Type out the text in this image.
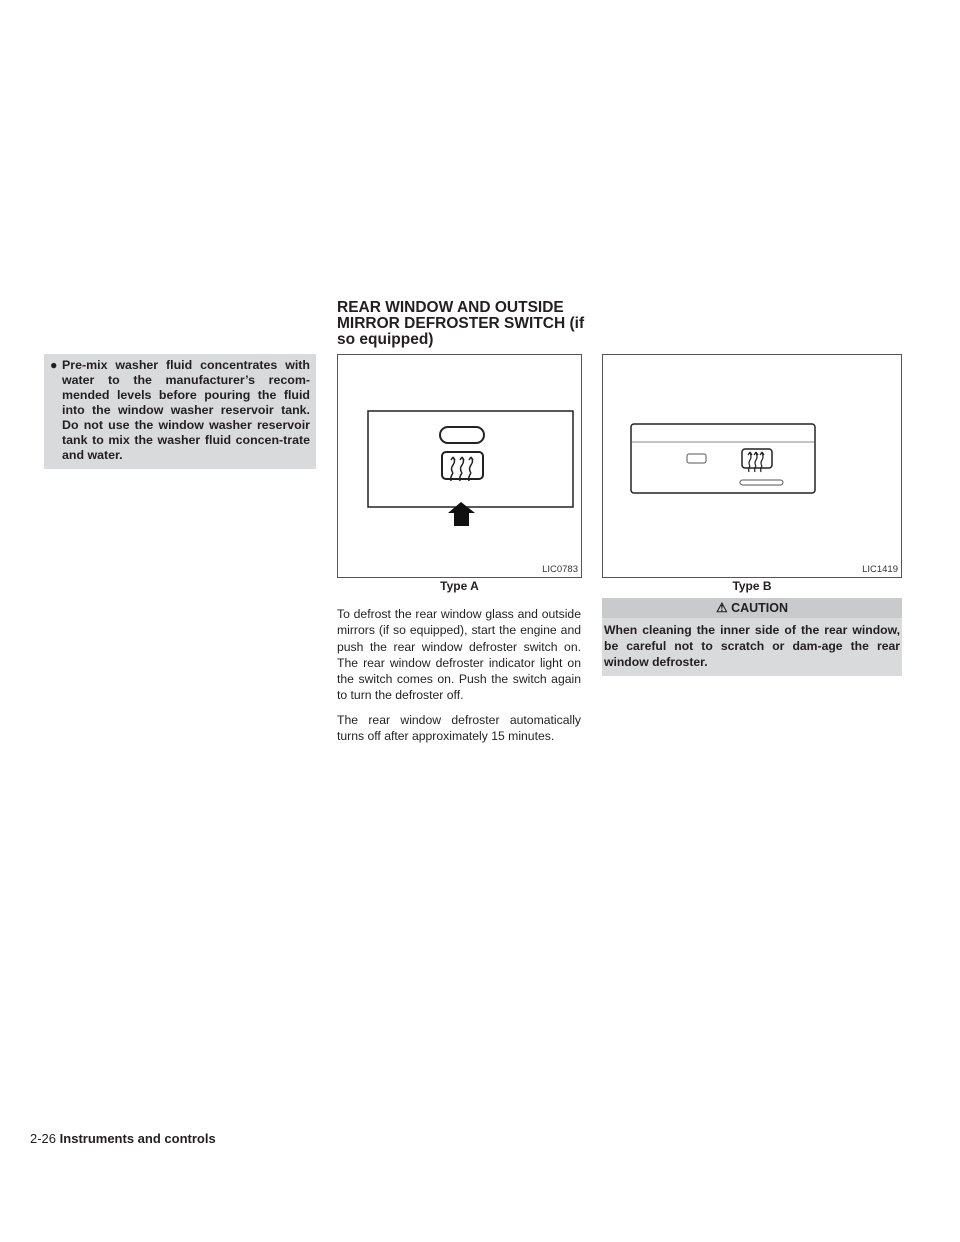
● Pre-mix washer fluid concentrates with water to the manufacturer’s recom-mended levels before pouring the fluid into the window washer reservoir tank. Do not use the window washer reservoir tank to mix the washer fluid concen-trate and water.
REAR WINDOW AND OUTSIDE MIRROR DEFROSTER SWITCH (if so equipped)
LIC0783
Type A
LIC1419
Type B

To defrost the rear window glass and outside mirrors (if so equipped), start the engine and push the rear window defroster switch on. The rear window defroster indicator light on the switch comes on. Push the switch again to turn the defroster off.

The rear window defroster automatically turns off after approximately 15 minutes.

⚠ CAUTION
When cleaning the inner side of the rear window, be careful not to scratch or dam-age the rear window defroster.
2-26 Instruments and controls
